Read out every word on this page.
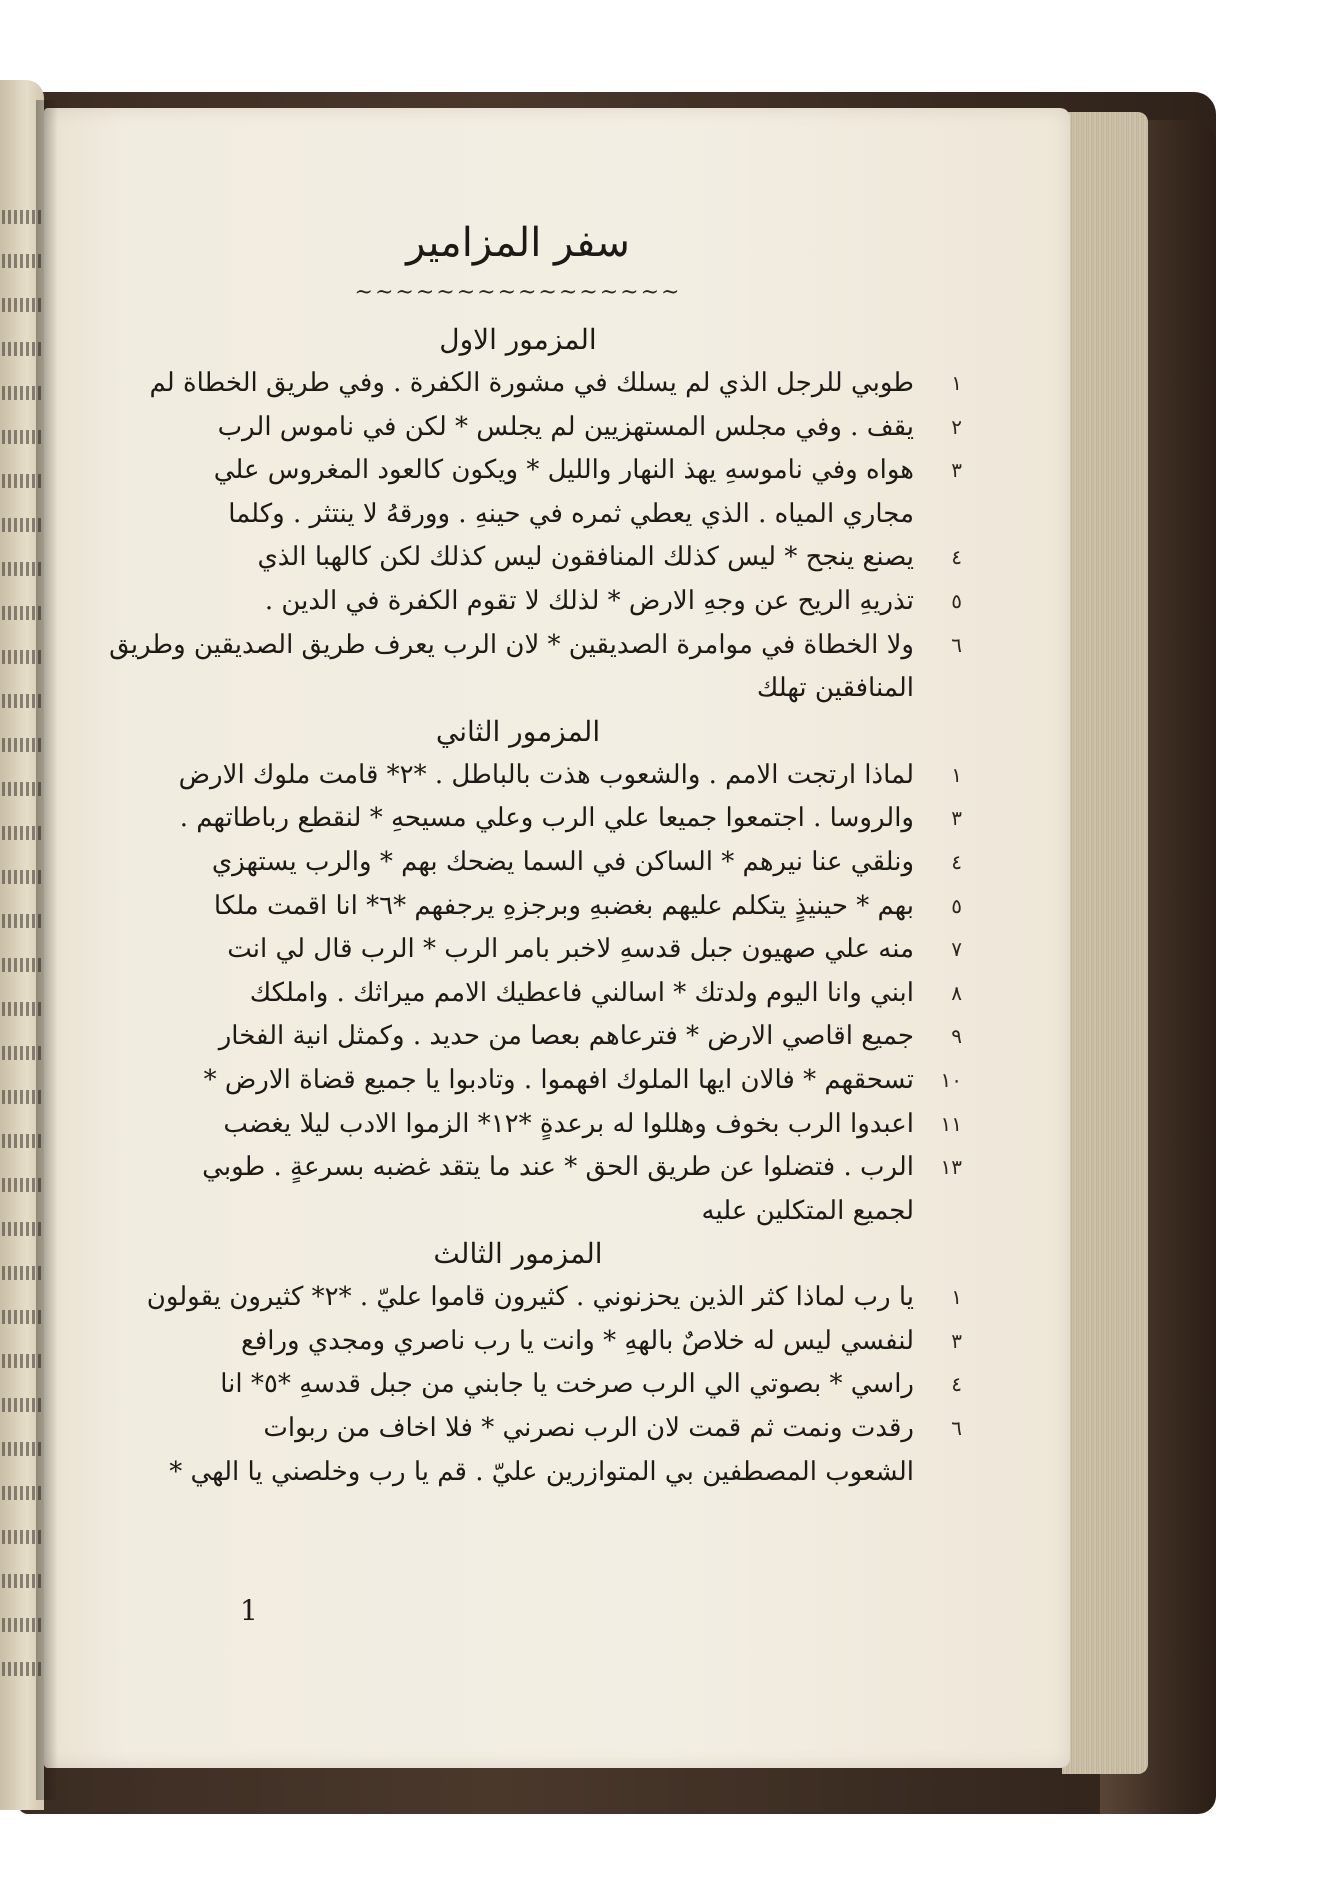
سفر المزامير
~~~~~~~~~~~~~~~~
المزمور الاول
١
طوبي للرجل الذي لم يسلك في مشورة الكفرة . وفي طريق الخطاة لم
٢
يقف . وفي مجلس المستهزيين لم يجلس * لكن في ناموس الرب
٣
هواه وفي ناموسهِ يهذ النهار والليل * ويكون كالعود المغروس علي
مجاري المياه . الذي يعطي ثمره في حينهِ . وورقهُ لا ينتثر . وكلما
٤
يصنع ينجح * ليس كذلك المنافقون ليس كذلك لكن كالهبا الذي
٥
تذريهِ الريح عن وجهِ الارض * لذلك لا تقوم الكفرة في الدين .
٦
ولا الخطاة في موامرة الصديقين * لان الرب يعرف طريق الصديقين وطريق
المنافقين تهلك
المزمور الثاني
١
لماذا ارتجت الامم . والشعوب هذت بالباطل . *٢* قامت ملوك الارض
٣
والروسا . اجتمعوا جميعا علي الرب وعلي مسيحهِ * لنقطع رباطاتهم .
٤
ونلقي عنا نيرهم * الساكن في السما يضحك بهم * والرب يستهزي
٥
بهم * حينيذٍ يتكلم عليهم بغضبهِ وبرجزهِ يرجفهم *٦* انا اقمت ملكا
٧
منه علي صهيون جبل قدسهِ لاخبر بامر الرب * الرب قال لي انت
٨
ابني وانا اليوم ولدتك * اسالني فاعطيك الامم ميراثك . واملكك
٩
جميع اقاصي الارض * فترعاهم بعصا من حديد . وكمثل انية الفخار
١٠
تسحقهم * فالان ايها الملوك افهموا . وتادبوا يا جميع قضاة الارض *
١١
اعبدوا الرب بخوف وهللوا له برعدةٍ *١٢* الزموا الادب ليلا يغضب
١٣
الرب . فتضلوا عن طريق الحق * عند ما يتقد غضبه بسرعةٍ . طوبي
لجميع المتكلين عليه
المزمور الثالث
١
يا رب لماذا كثر الذين يحزنوني . كثيرون قاموا عليّ . *٢* كثيرون يقولون
٣
لنفسي ليس له خلاصٌ بالههِ * وانت يا رب ناصري ومجدي ورافع
٤
راسي * بصوتي الي الرب صرخت يا جابني من جبل قدسهِ *٥* انا
٦
رقدت ونمت ثم قمت لان الرب نصرني * فلا اخاف من ربوات
الشعوب المصطفين بي المتوازرين عليّ . قم يا رب وخلصني يا الهي *
1
